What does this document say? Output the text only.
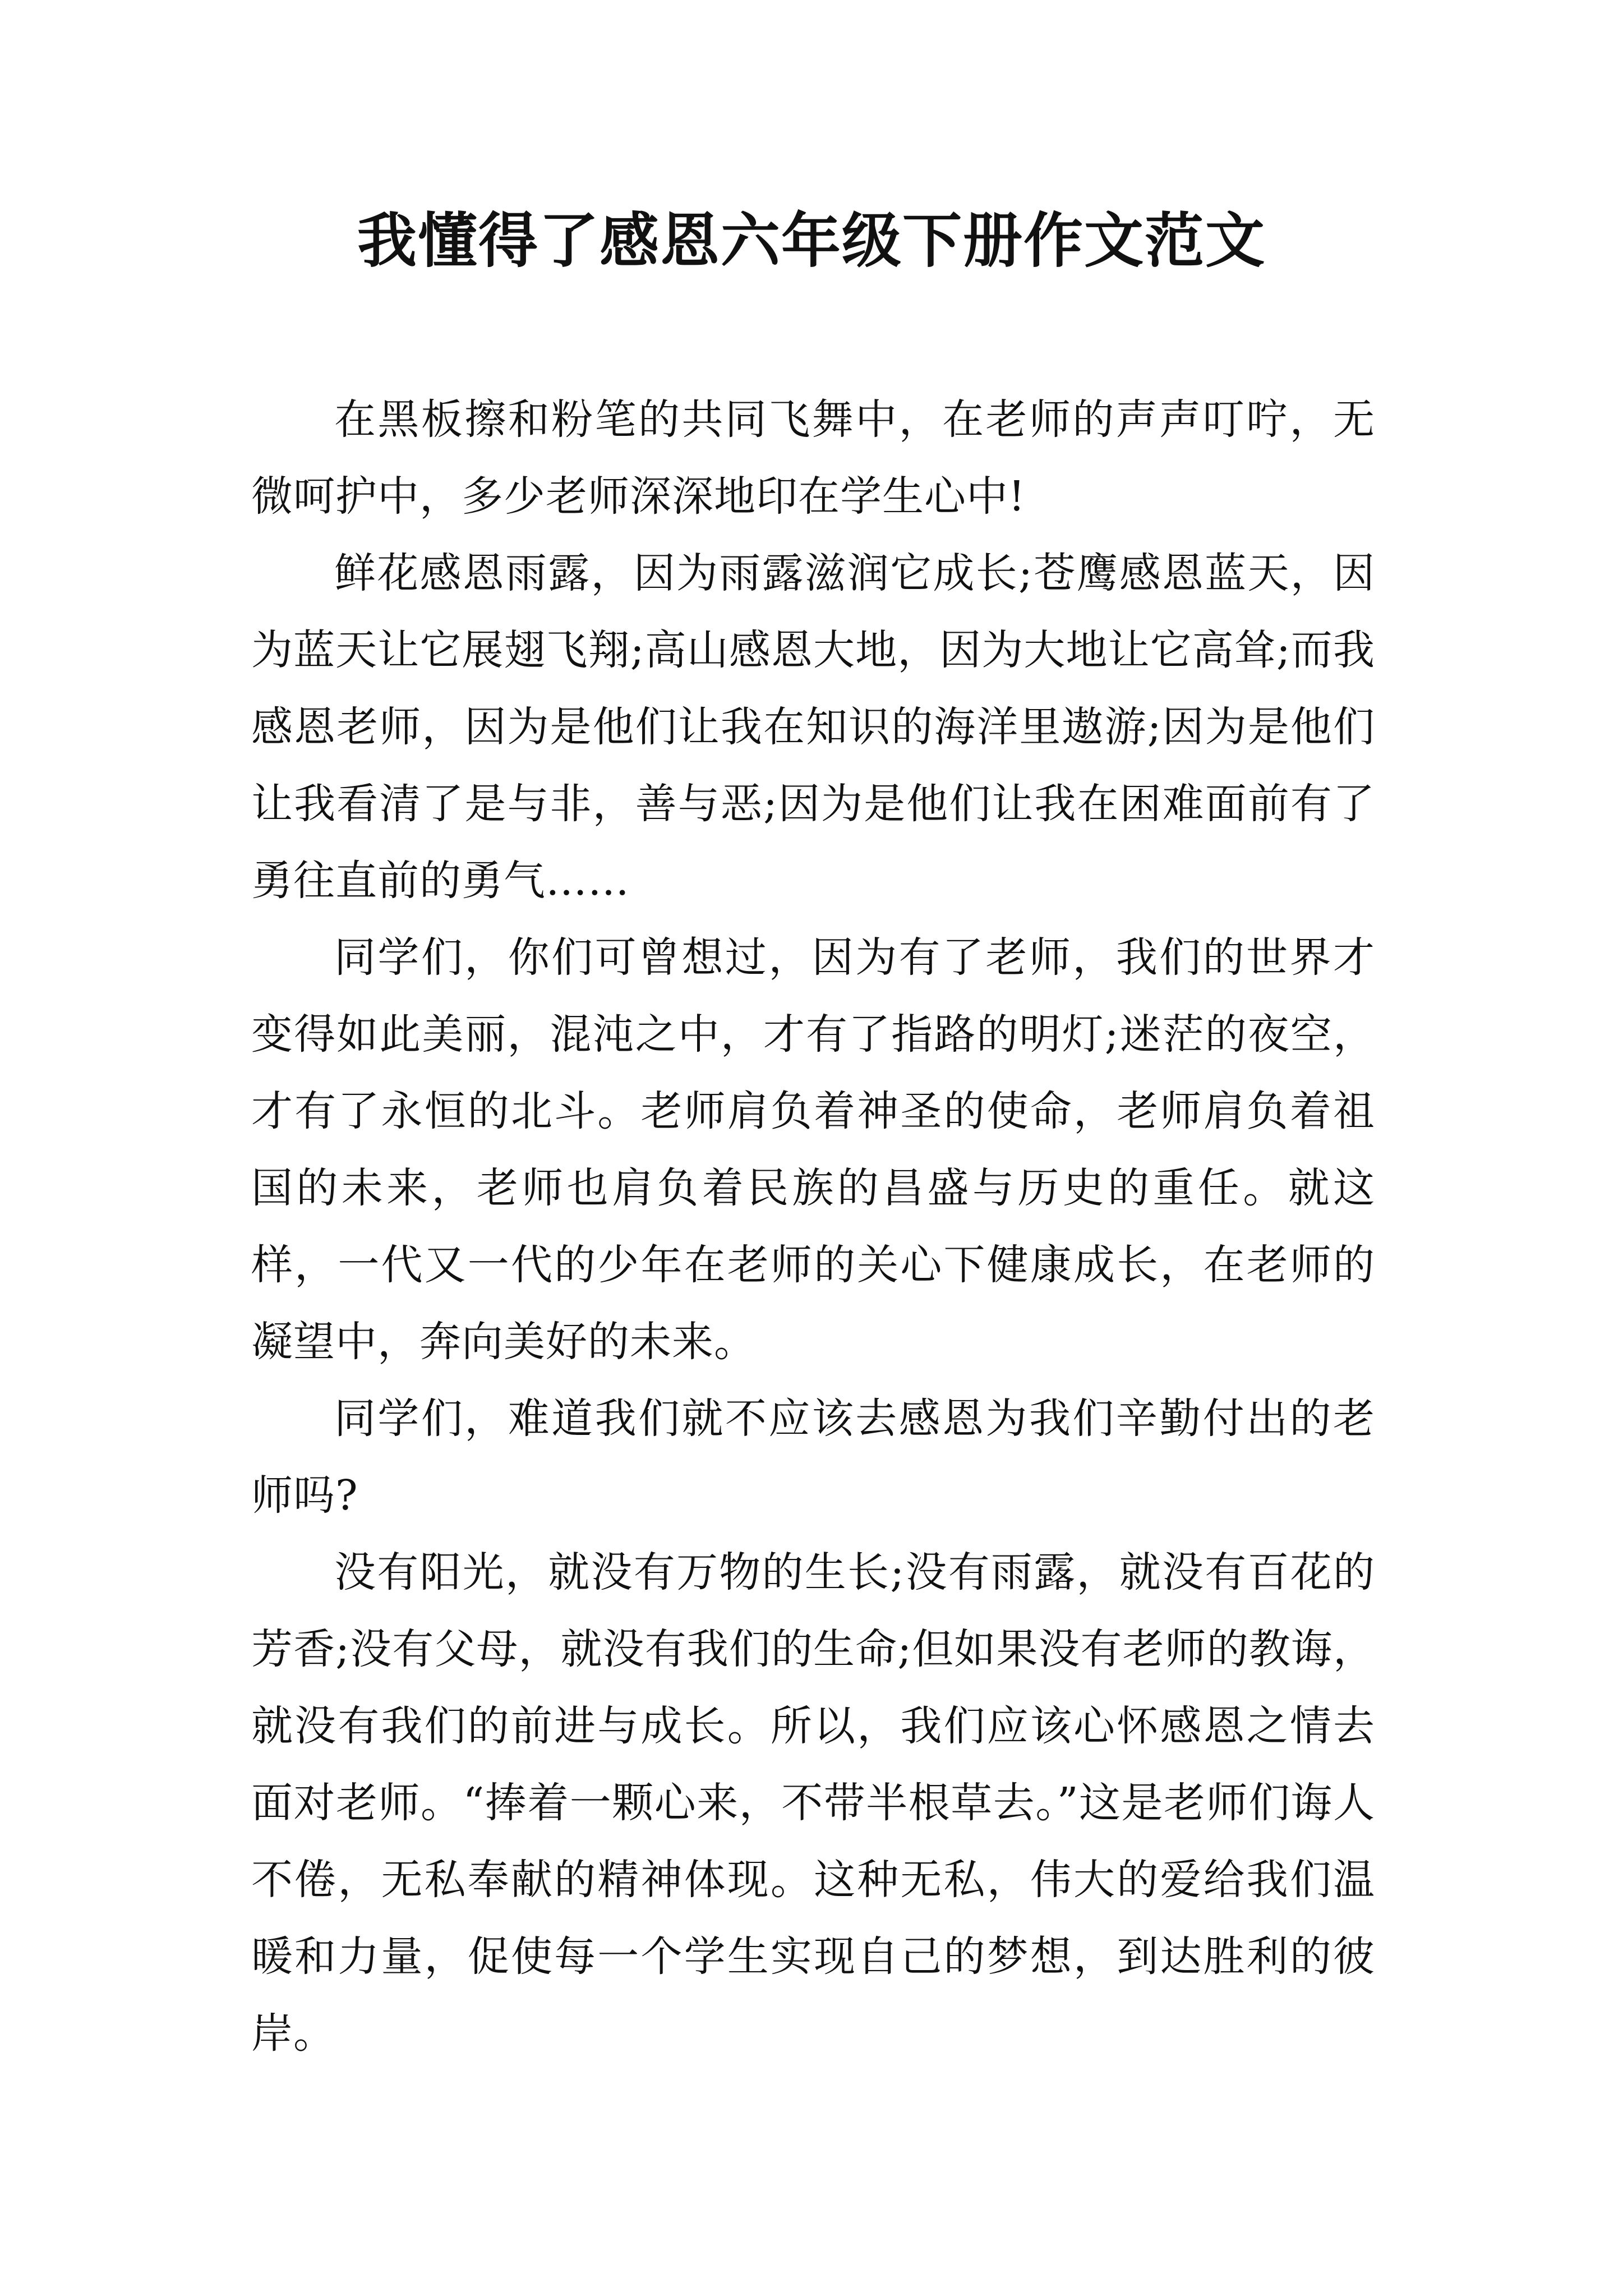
我懂得了感恩六年级下册作文范文

在黑板擦和粉笔的共同飞舞中，在老师的声声叮咛，无微呵护中，多少老师深深地印在学生心中!

鲜花感恩雨露，因为雨露滋润它成长;苍鹰感恩蓝天，因为蓝天让它展翅飞翔;高山感恩大地，因为大地让它高耸;而我感恩老师，因为是他们让我在知识的海洋里遨游;因为是他们让我看清了是与非，善与恶;因为是他们让我在困难面前有了勇往直前的勇气……

同学们，你们可曾想过，因为有了老师，我们的世界才变得如此美丽，混沌之中，才有了指路的明灯;迷茫的夜空，才有了永恒的北斗。老师肩负着神圣的使命，老师肩负着祖国的未来，老师也肩负着民族的昌盛与历史的重任。就这样，一代又一代的少年在老师的关心下健康成长，在老师的凝望中，奔向美好的未来。

同学们，难道我们就不应该去感恩为我们辛勤付出的老师吗?

没有阳光，就没有万物的生长;没有雨露，就没有百花的芳香;没有父母，就没有我们的生命;但如果没有老师的教诲，就没有我们的前进与成长。所以，我们应该心怀感恩之情去面对老师。“捧着一颗心来，不带半根草去。”这是老师们诲人不倦，无私奉献的精神体现。这种无私，伟大的爱给我们温暖和力量，促使每一个学生实现自己的梦想，到达胜利的彼岸。
